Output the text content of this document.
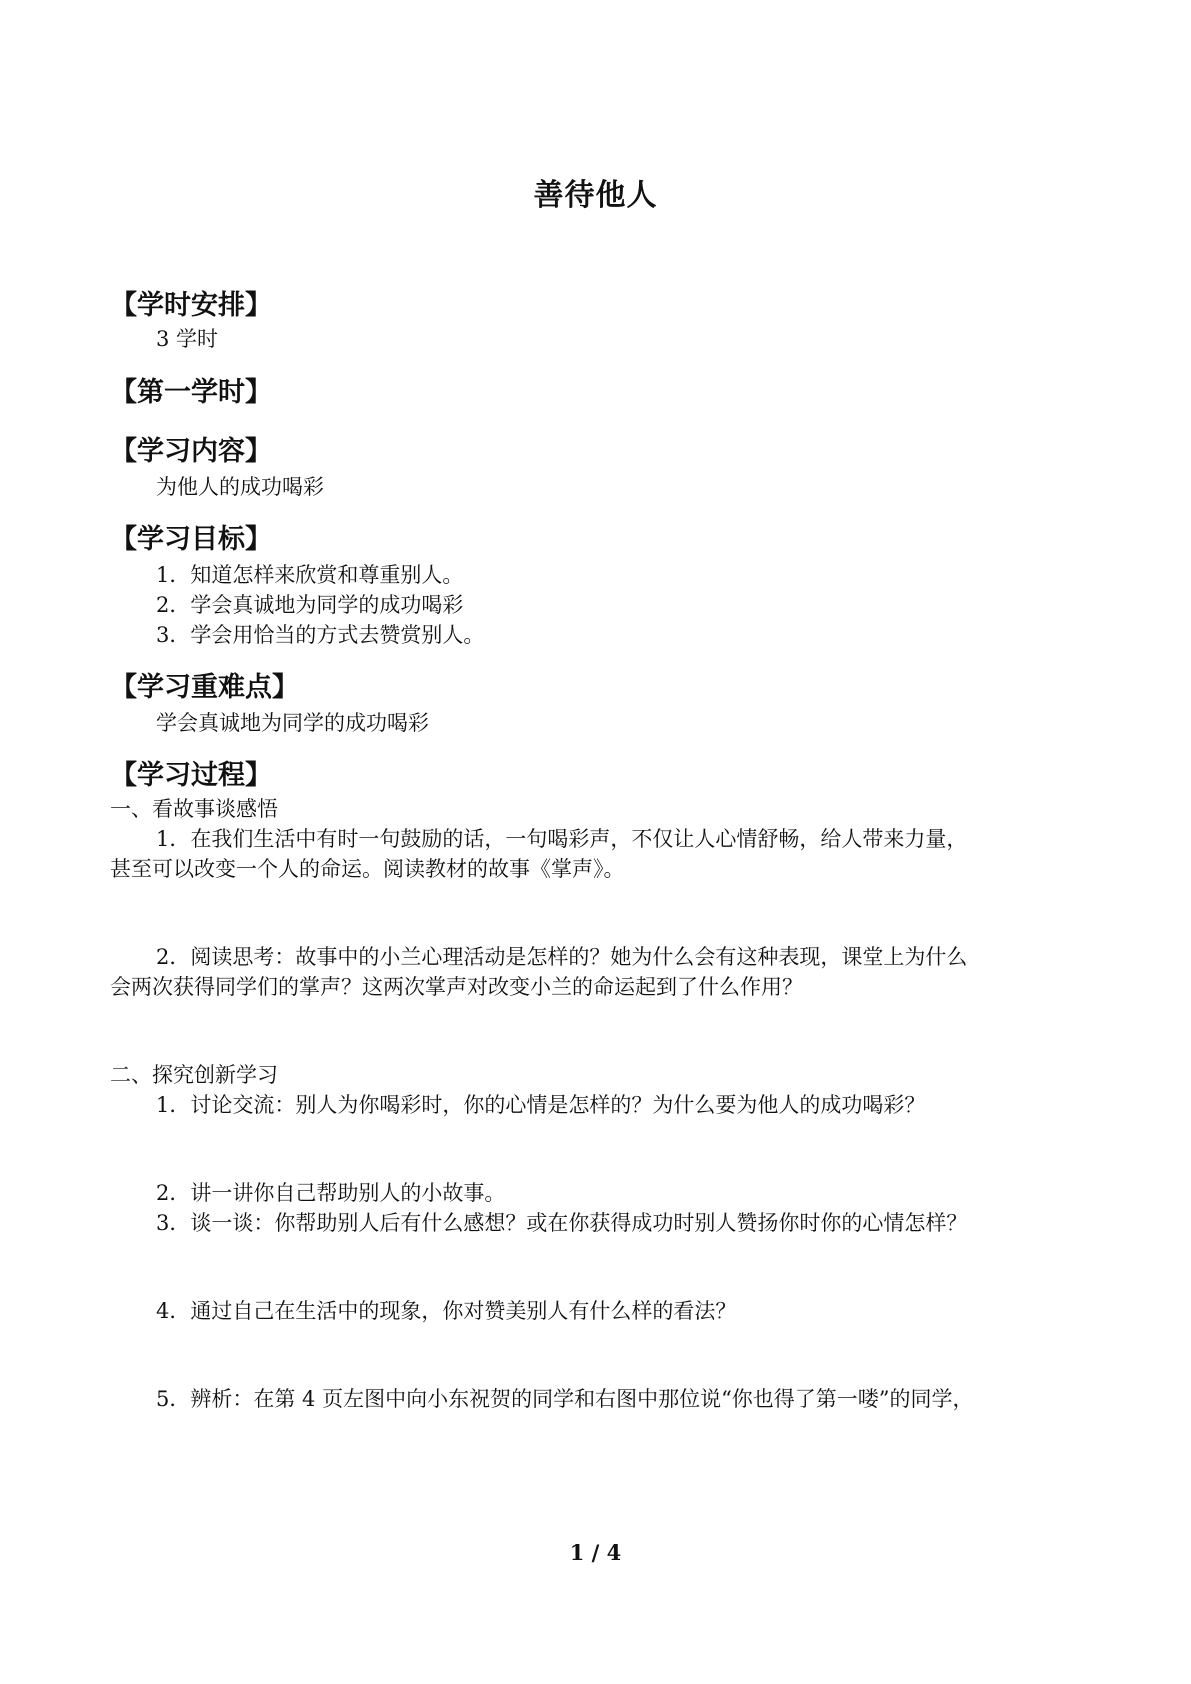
善待他人
【学时安排】
3 学时
【第一学时】
【学习内容】
为他人的成功喝彩
【学习目标】
1．知道怎样来欣赏和尊重别人。
2．学会真诚地为同学的成功喝彩
3．学会用恰当的方式去赞赏别人。
【学习重难点】
学会真诚地为同学的成功喝彩
【学习过程】
一、看故事谈感悟
1．在我们生活中有时一句鼓励的话，一句喝彩声，不仅让人心情舒畅，给人带来力量，
甚至可以改变一个人的命运。阅读教材的故事《掌声》。
2．阅读思考：故事中的小兰心理活动是怎样的？她为什么会有这种表现，课堂上为什么
会两次获得同学们的掌声？这两次掌声对改变小兰的命运起到了什么作用？
二、探究创新学习
1．讨论交流：别人为你喝彩时，你的心情是怎样的？为什么要为他人的成功喝彩？
2．讲一讲你自己帮助别人的小故事。
3．谈一谈：你帮助别人后有什么感想？或在你获得成功时别人赞扬你时你的心情怎样？
4．通过自己在生活中的现象，你对赞美别人有什么样的看法？
5．辨析：在第 4 页左图中向小东祝贺的同学和右图中那位说“你也得了第一喽”的同学，
1 / 4
